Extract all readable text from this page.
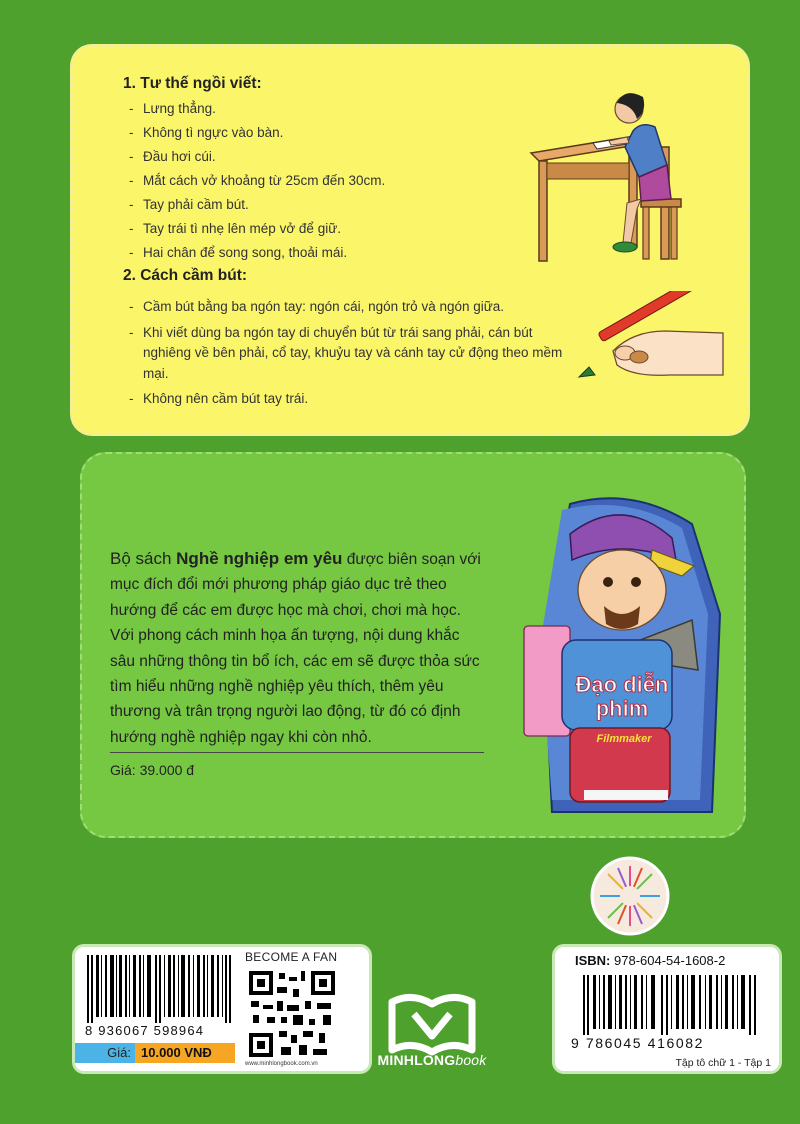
1. Tư thế ngồi viết:
- Lưng thẳng.
- Không tì ngực vào bàn.
- Đầu hơi cúi.
- Mắt cách vở khoảng từ 25cm đến 30cm.
- Tay phải cầm bút.
- Tay trái tì nhẹ lên mép vở để giữ.
- Hai chân để song song, thoải mái.
2. Cách cầm bút:
- Cầm bút bằng ba ngón tay: ngón cái, ngón trỏ và ngón giữa.
- Khi viết dùng ba ngón tay di chuyển bút từ trái sang phải, cán bút nghiêng về bên phải, cổ tay, khuỷu tay và cánh tay cử động theo mềm mại.
- Không nên cầm bút tay trái.
Bộ sách Nghề nghiệp em yêu được biên soạn với mục đích đổi mới phương pháp giáo dục trẻ theo hướng để các em được học mà chơi, chơi mà học. Với phong cách minh họa ấn tượng, nội dung khắc sâu những thông tin bổ ích, các em sẽ được thỏa sức tìm hiểu những nghề nghiệp yêu thích, thêm yêu thương và trân trọng người lao động, từ đó có định hướng nghề nghiệp ngay khi còn nhỏ.
Giá: 39.000 đ
Đạo diễn
phim
Filmmaker
8 936067 598964
Giá: 10.000 VNĐ
BECOME A FAN
www.minhlongbook.com.vn	MINHLONGbook
ISBN: 978-604-54-1608-2
9 786045 416082
Tập tô chữ 1 - Tập 1
